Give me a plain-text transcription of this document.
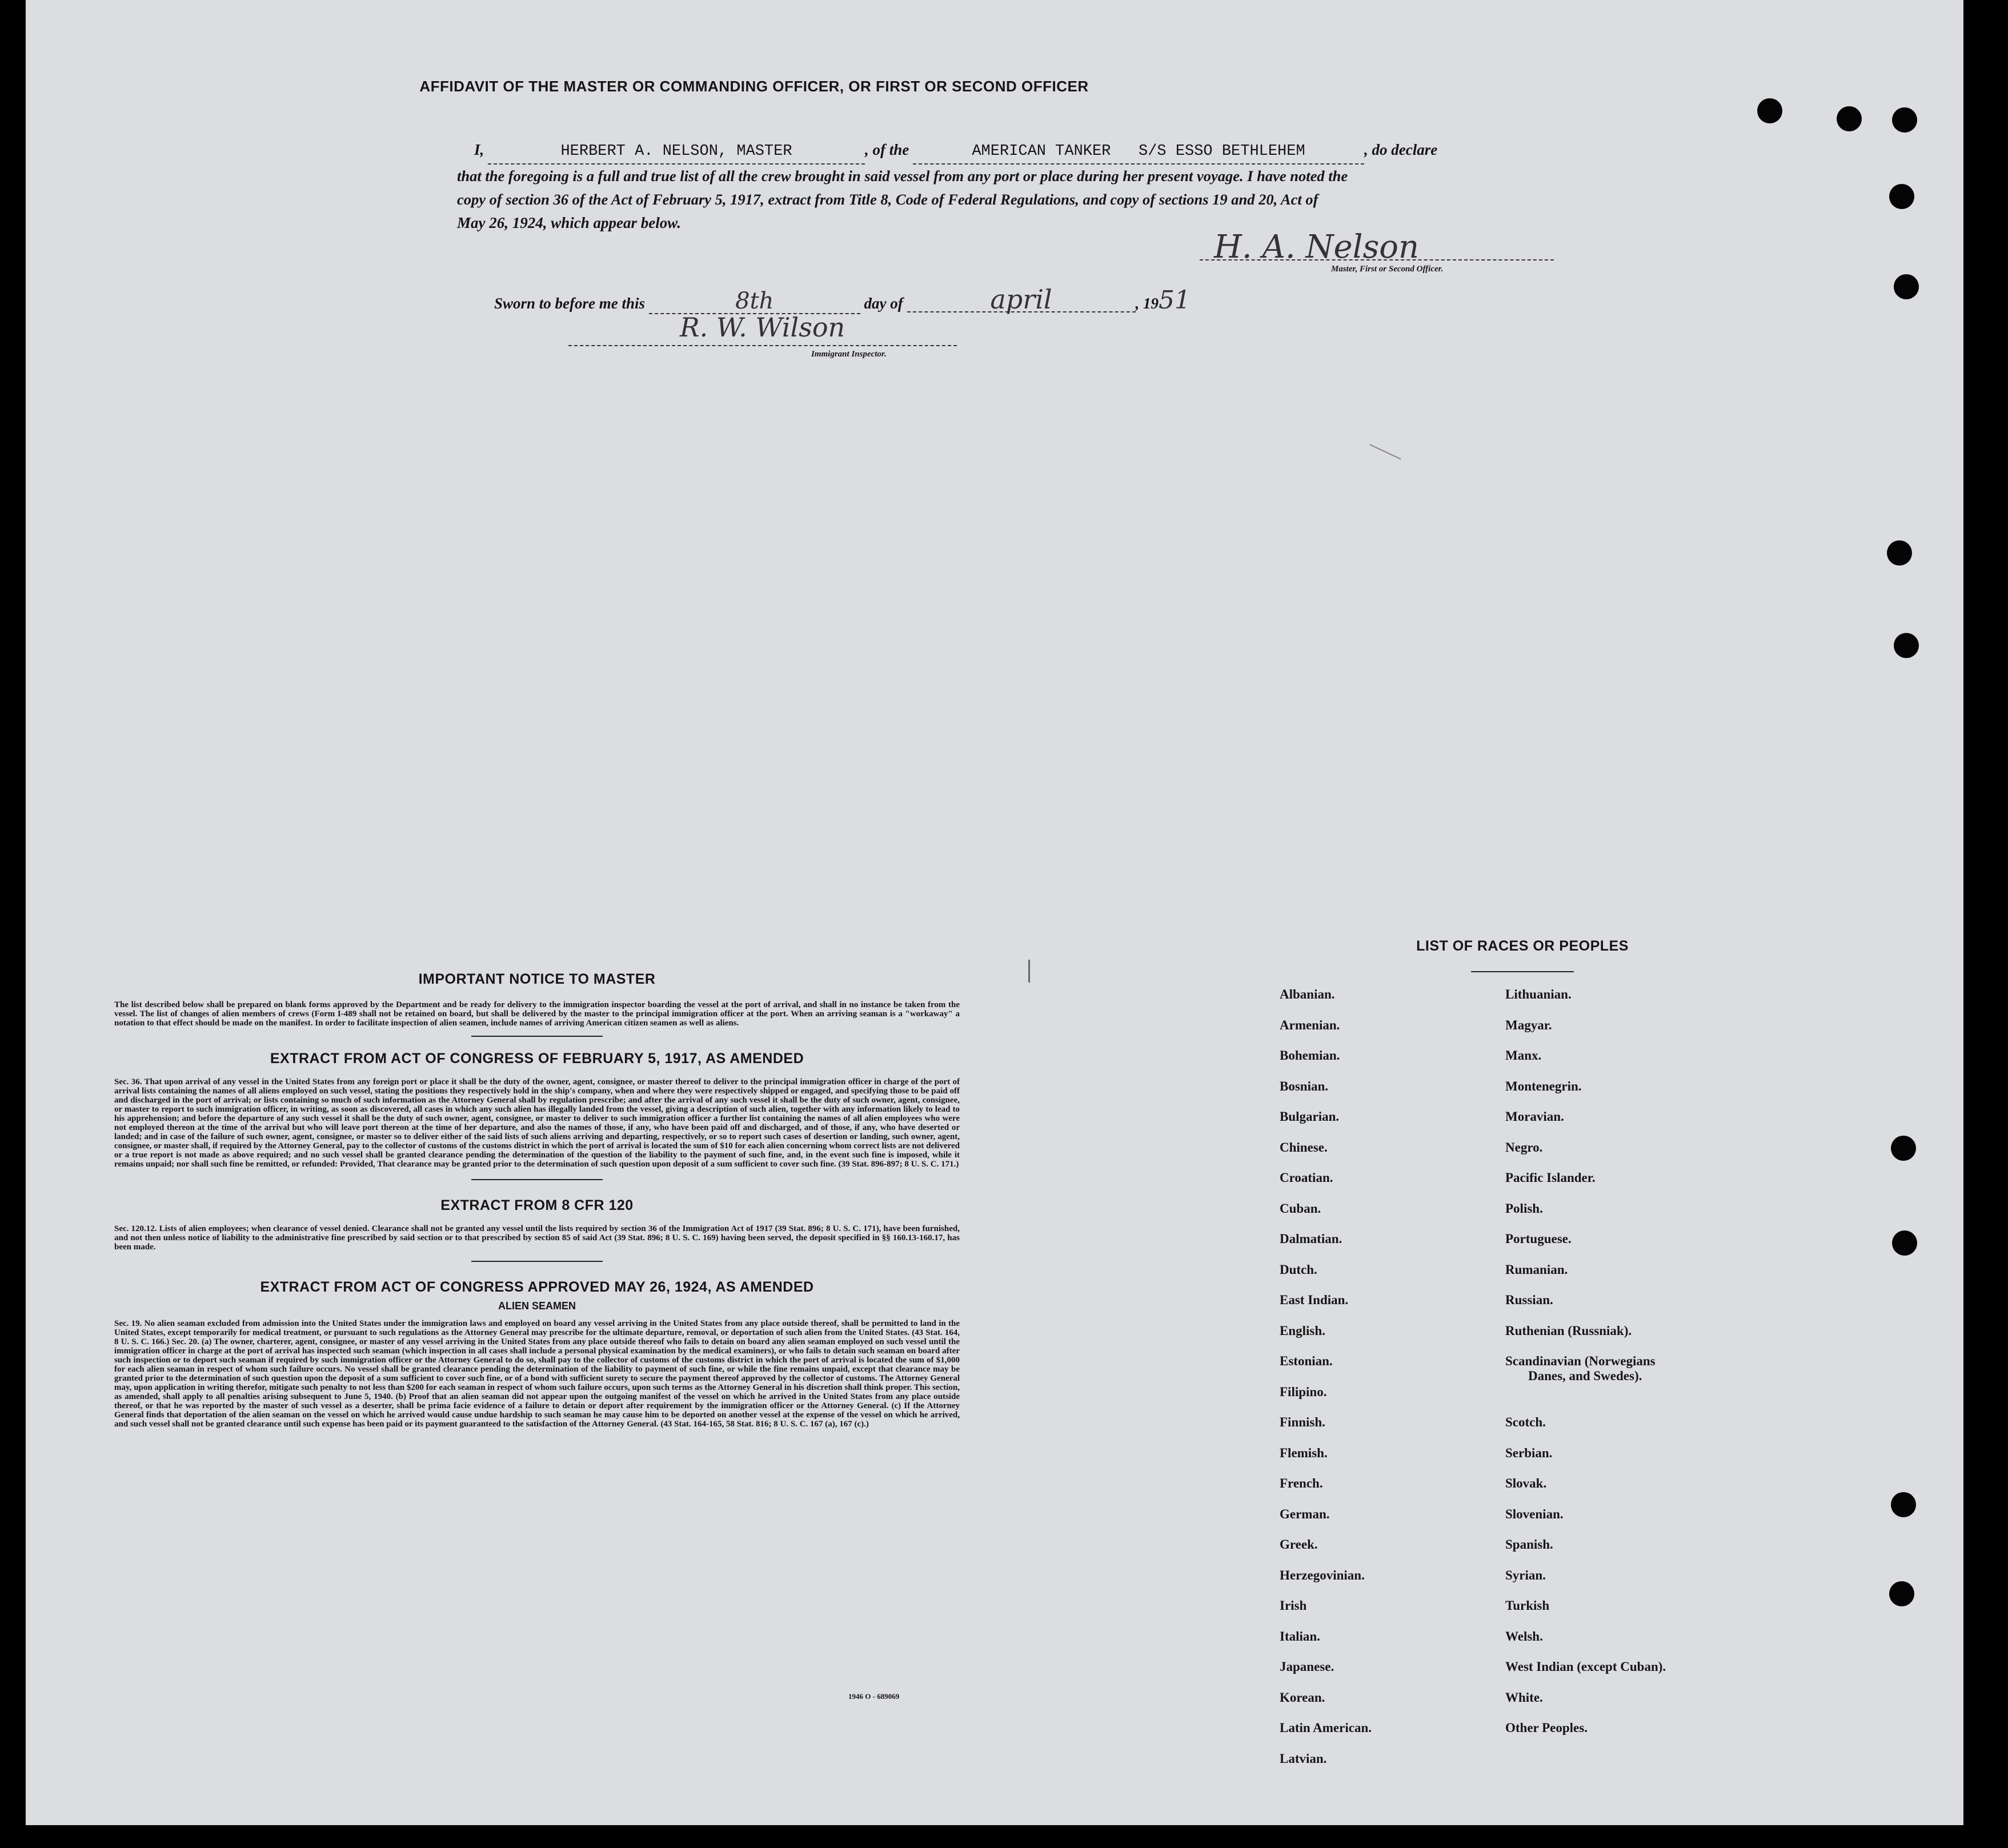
AFFIDAVIT OF THE MASTER OR COMMANDING OFFICER, OR FIRST OR SECOND OFFICER
I,	HERBERT A. NELSON, MASTER	, of the	AMERICAN TANKER   S/S ESSO BETHLEHEM	, do declare
that the foregoing is a full and true list of all the crew brought in said vessel from any port or place during her present voyage. I have noted the
copy of section 36 of the Act of February 5, 1917, extract from Title 8, Code of Federal Regulations, and copy of sections 19 and 20, Act of
May 26, 1924, which appear below.
H. A. Nelson
Master, First or Second Officer.
Sworn to before me this	8th	day of	april	, 1951
R. W. Wilson
Immigrant Inspector.
IMPORTANT NOTICE TO MASTER
The list described below shall be prepared on blank forms approved by the Department and be ready for delivery to the immigration inspector boarding the vessel at the port of arrival, and shall in no instance be taken from the vessel. The list of changes of alien members of crews (Form I-489 shall not be retained on board, but shall be delivered by the master to the principal immigration officer at the port. When an arriving seaman is a "workaway" a notation to that effect should be made on the manifest. In order to facilitate inspection of alien seamen, include names of arriving American citizen seamen as well as aliens.
EXTRACT FROM ACT OF CONGRESS OF FEBRUARY 5, 1917, AS AMENDED
Sec. 36. That upon arrival of any vessel in the United States from any foreign port or place it shall be the duty of the owner, agent, consignee, or master thereof to deliver to the principal immigration officer in charge of the port of arrival lists containing the names of all aliens employed on such vessel, stating the positions they respectively hold in the ship's company, when and where they were respectively shipped or engaged, and specifying those to be paid off and discharged in the port of arrival; or lists containing so much of such information as the Attorney General shall by regulation prescribe; and after the arrival of any such vessel it shall be the duty of such owner, agent, consignee, or master to report to such immigration officer, in writing, as soon as discovered, all cases in which any such alien has illegally landed from the vessel, giving a description of such alien, together with any information likely to lead to his apprehension; and before the departure of any such vessel it shall be the duty of such owner, agent, consignee, or master to deliver to such immigration officer a further list containing the names of all alien employees who were not employed thereon at the time of the arrival but who will leave port thereon at the time of her departure, and also the names of those, if any, who have been paid off and discharged, and of those, if any, who have deserted or landed; and in case of the failure of such owner, agent, consignee, or master so to deliver either of the said lists of such aliens arriving and departing, respectively, or so to report such cases of desertion or landing, such owner, agent, consignee, or master shall, if required by the Attorney General, pay to the collector of customs of the customs district in which the port of arrival is located the sum of $10 for each alien concerning whom correct lists are not delivered or a true report is not made as above required; and no such vessel shall be granted clearance pending the determination of the question of the liability to the payment of such fine, and, in the event such fine is imposed, while it remains unpaid; nor shall such fine be remitted, or refunded: Provided, That clearance may be granted prior to the determination of such question upon deposit of a sum sufficient to cover such fine. (39 Stat. 896-897; 8 U. S. C. 171.)
EXTRACT FROM 8 CFR 120
Sec. 120.12. Lists of alien employees; when clearance of vessel denied. Clearance shall not be granted any vessel until the lists required by section 36 of the Immigration Act of 1917 (39 Stat. 896; 8 U. S. C. 171), have been furnished, and not then unless notice of liability to the administrative fine prescribed by said section or to that prescribed by section 85 of said Act (39 Stat. 896; 8 U. S. C. 169) having been served, the deposit specified in §§ 160.13-160.17, has been made.
EXTRACT FROM ACT OF CONGRESS APPROVED MAY 26, 1924, AS AMENDED
ALIEN SEAMEN
Sec. 19. No alien seaman excluded from admission into the United States under the immigration laws and employed on board any vessel arriving in the United States from any place outside thereof, shall be permitted to land in the United States, except temporarily for medical treatment, or pursuant to such regulations as the Attorney General may prescribe for the ultimate departure, removal, or deportation of such alien from the United States. (43 Stat. 164, 8 U. S. C. 166.) Sec. 20. (a) The owner, charterer, agent, consignee, or master of any vessel arriving in the United States from any place outside thereof who fails to detain on board any alien seaman employed on such vessel until the immigration officer in charge at the port of arrival has inspected such seaman (which inspection in all cases shall include a personal physical examination by the medical examiners), or who fails to detain such seaman on board after such inspection or to deport such seaman if required by such immigration officer or the Attorney General to do so, shall pay to the collector of customs of the customs district in which the port of arrival is located the sum of $1,000 for each alien seaman in respect of whom such failure occurs. No vessel shall be granted clearance pending the determination of the liability to payment of such fine, or while the fine remains unpaid, except that clearance may be granted prior to the determination of such question upon the deposit of a sum sufficient to cover such fine, or of a bond with sufficient surety to secure the payment thereof approved by the collector of customs. The Attorney General may, upon application in writing therefor, mitigate such penalty to not less than $200 for each seaman in respect of whom such failure occurs, upon such terms as the Attorney General in his discretion shall think proper. This section, as amended, shall apply to all penalties arising subsequent to June 5, 1940. (b) Proof that an alien seaman did not appear upon the outgoing manifest of the vessel on which he arrived in the United States from any place outside thereof, or that he was reported by the master of such vessel as a deserter, shall be prima facie evidence of a failure to detain or deport after requirement by the immigration officer or the Attorney General. (c) If the Attorney General finds that deportation of the alien seaman on the vessel on which he arrived would cause undue hardship to such seaman he may cause him to be deported on another vessel at the expense of the vessel on which he arrived, and such vessel shall not be granted clearance until such expense has been paid or its payment guaranteed to the satisfaction of the Attorney General. (43 Stat. 164-165, 58 Stat. 816; 8 U. S. C. 167 (a), 167 (c).)
1946 O - 689069
LIST OF RACES OR PEOPLES
Albanian.
Armenian.
Bohemian.
Bosnian.
Bulgarian.
Chinese.
Croatian.
Cuban.
Dalmatian.
Dutch.
East Indian.
English.
Estonian.
Filipino.
Finnish.
Flemish.
French.
German.
Greek.
Herzegovinian.
Irish
Italian.
Japanese.
Korean.
Latin American.
Latvian.
Lithuanian.
Magyar.
Manx.
Montenegrin.
Moravian.
Negro.
Pacific Islander.
Polish.
Portuguese.
Rumanian.
Russian.
Ruthenian (Russniak).
Scandinavian (Norwegians
Danes, and Swedes).
Scotch.
Serbian.
Slovak.
Slovenian.
Spanish.
Syrian.
Turkish
Welsh.
West Indian (except Cuban).
White.
Other Peoples.
